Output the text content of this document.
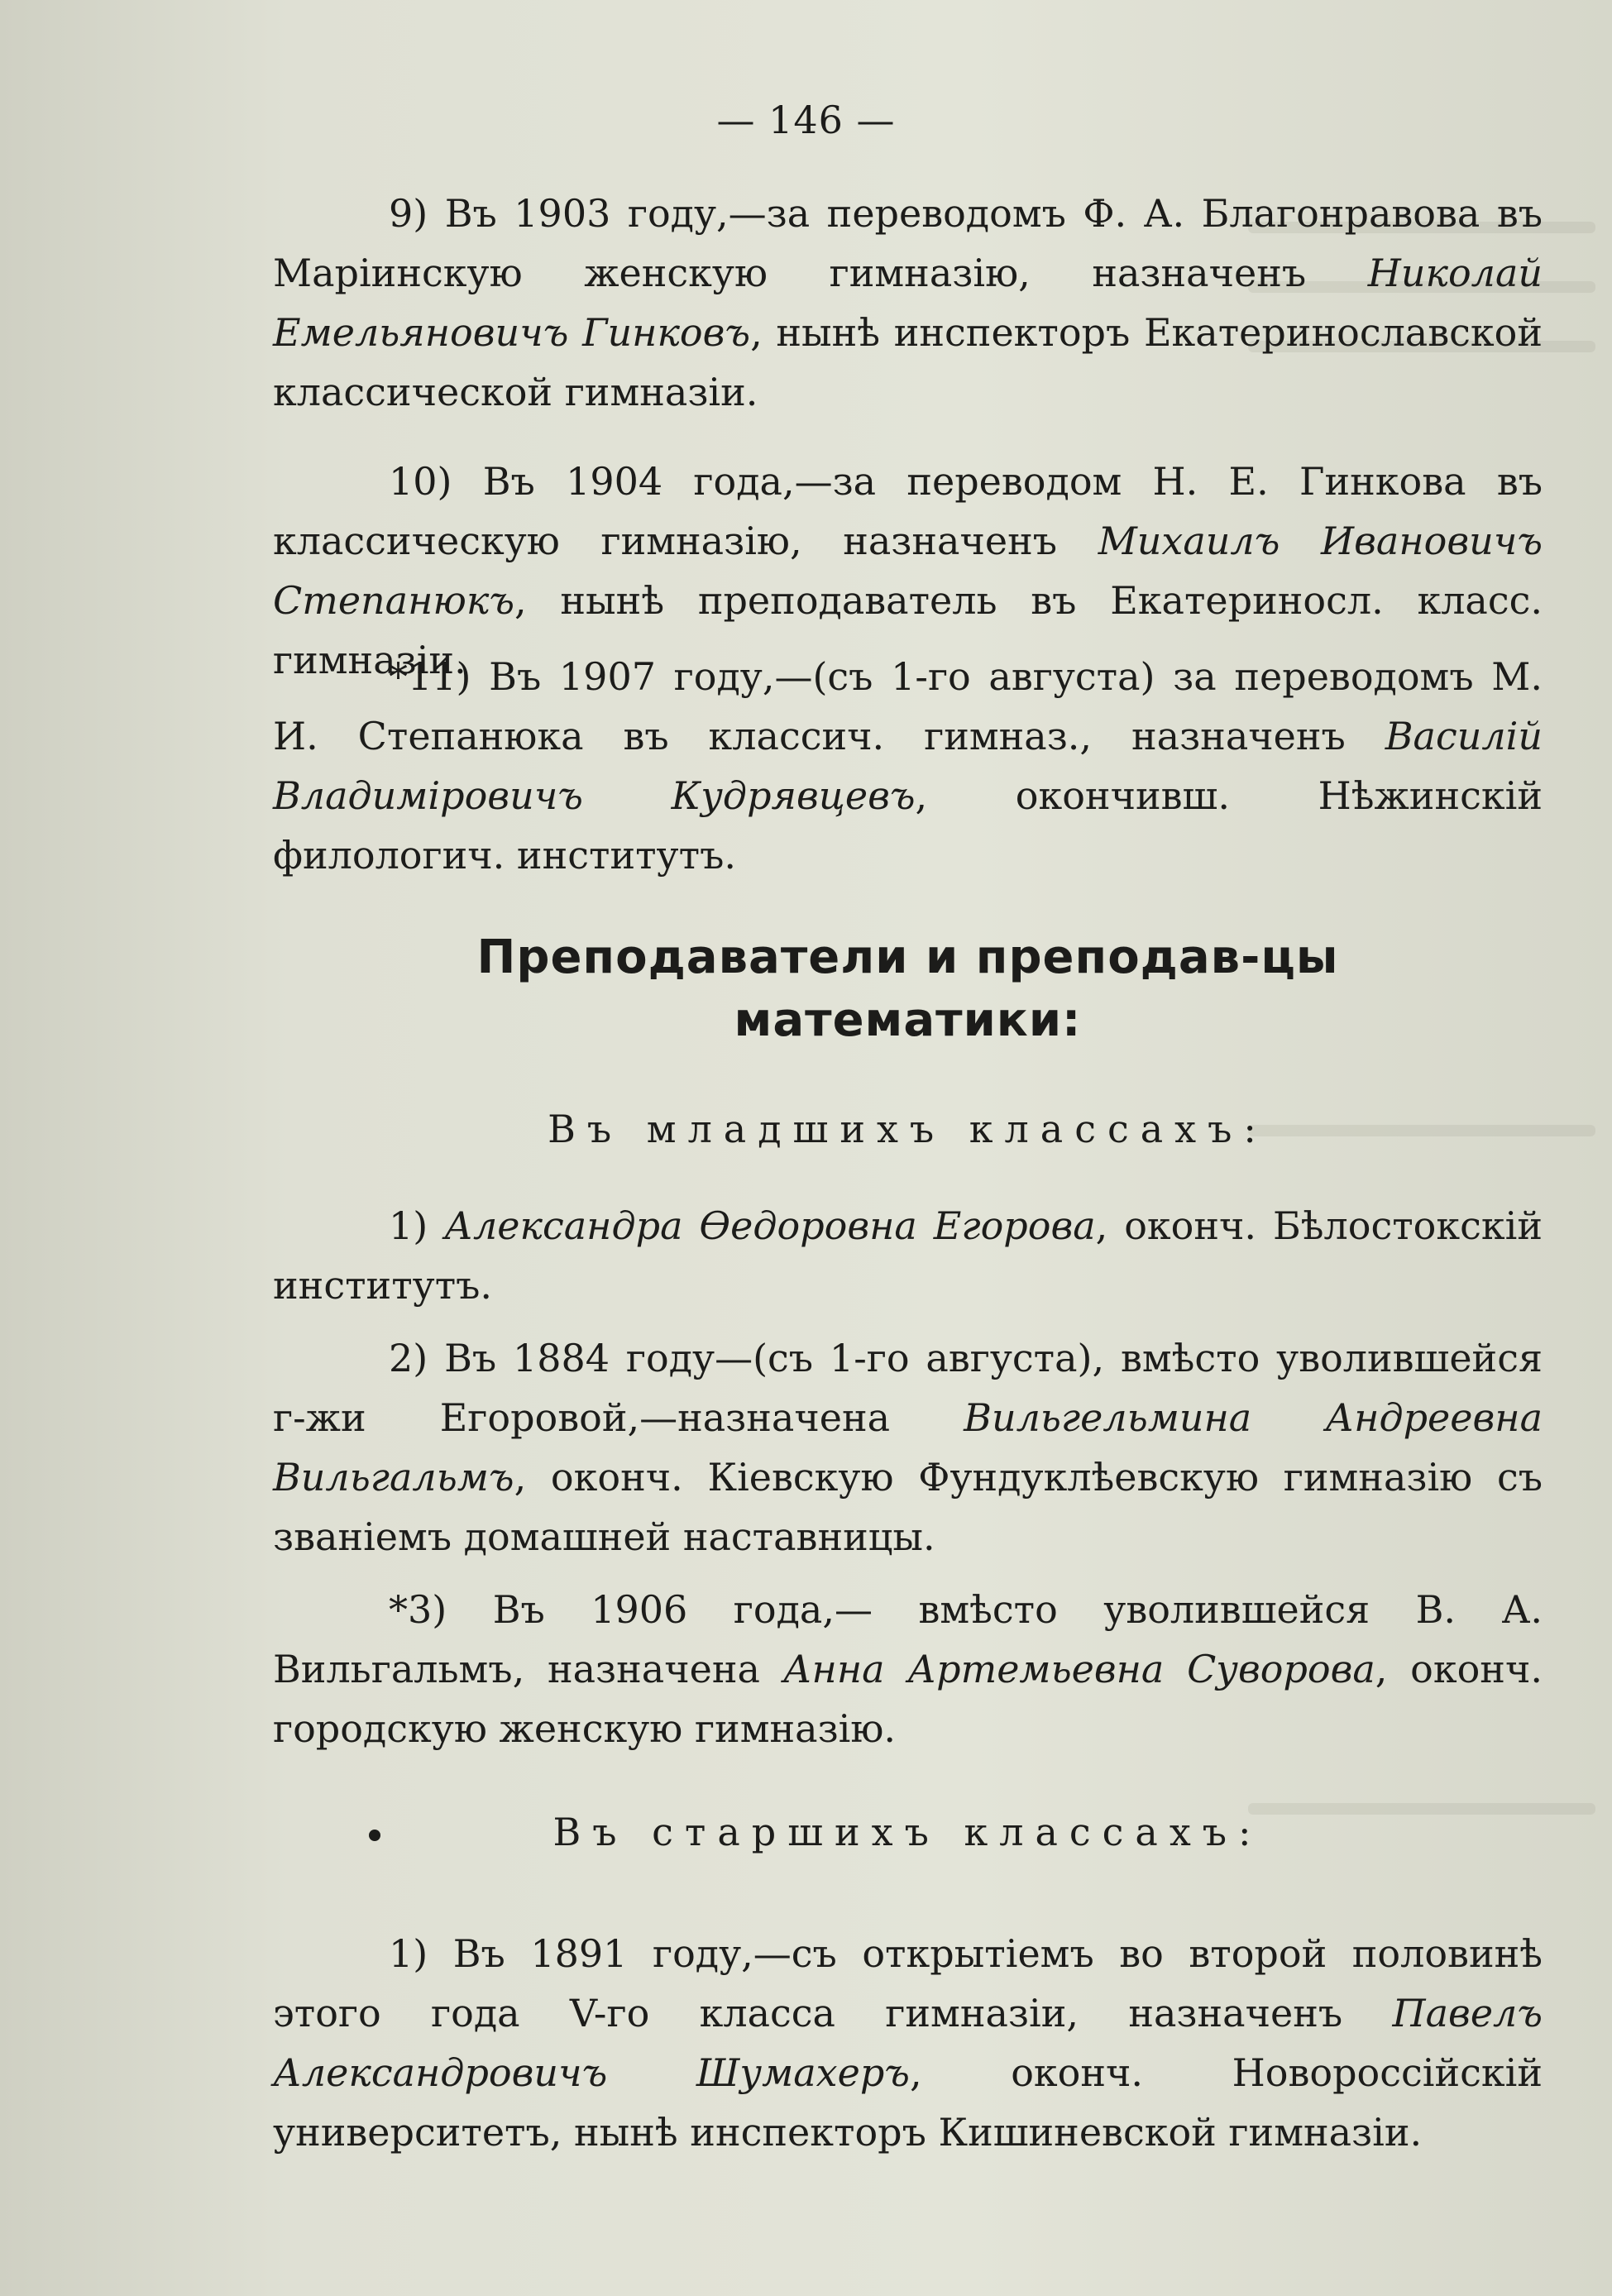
— 146 —
9) Въ 1903 году,—за переводомъ Ф. А. Благонравова въ Маріинскую женскую гимназію, назначенъ Николай Емельяновичъ Гинковъ, нынѣ инспекторъ Екатеринославской классической гимназіи.
10) Въ 1904 года,—за переводом Н. Е. Гинкова въ классическую гимназію, назначенъ Михаилъ Ивановичъ Степанюкъ, нынѣ преподаватель въ Екатериносл. класс. гимназіи.
*11) Въ 1907 году,—(съ 1-го августа) за переводомъ М. И. Степанюка въ классич. гимназ., назначенъ Василій Владиміровичъ Кудрявцевъ, окончивш. Нѣжинскій филологич. институтъ.
Преподаватели и преподав-цы
математики:
Въ младшихъ классахъ:
1) Александра Өедоровна Егорова, оконч. Бѣлостокскій институтъ.
2) Въ 1884 году—(съ 1-го августа), вмѣсто уволившейся г-жи Егоровой,—назначена Вильгельмина Андреевна Вильгальмъ, оконч. Кіевскую Фундуклѣевскую гимназію съ званіемъ домашней наставницы.
*3) Въ 1906 года,— вмѣсто уволившейся В. А. Вильгальмъ, назначена Анна Артемьевна Суворова, оконч. городскую женскую гимназію.
Въ старшихъ классахъ:
1) Въ 1891 году,—съ открытіемъ во второй половинѣ этого года V-го класса гимназіи, назначенъ Павелъ Александровичъ Шумахеръ, оконч. Новороссійскій университетъ, нынѣ инспекторъ Кишиневской гимназіи.
